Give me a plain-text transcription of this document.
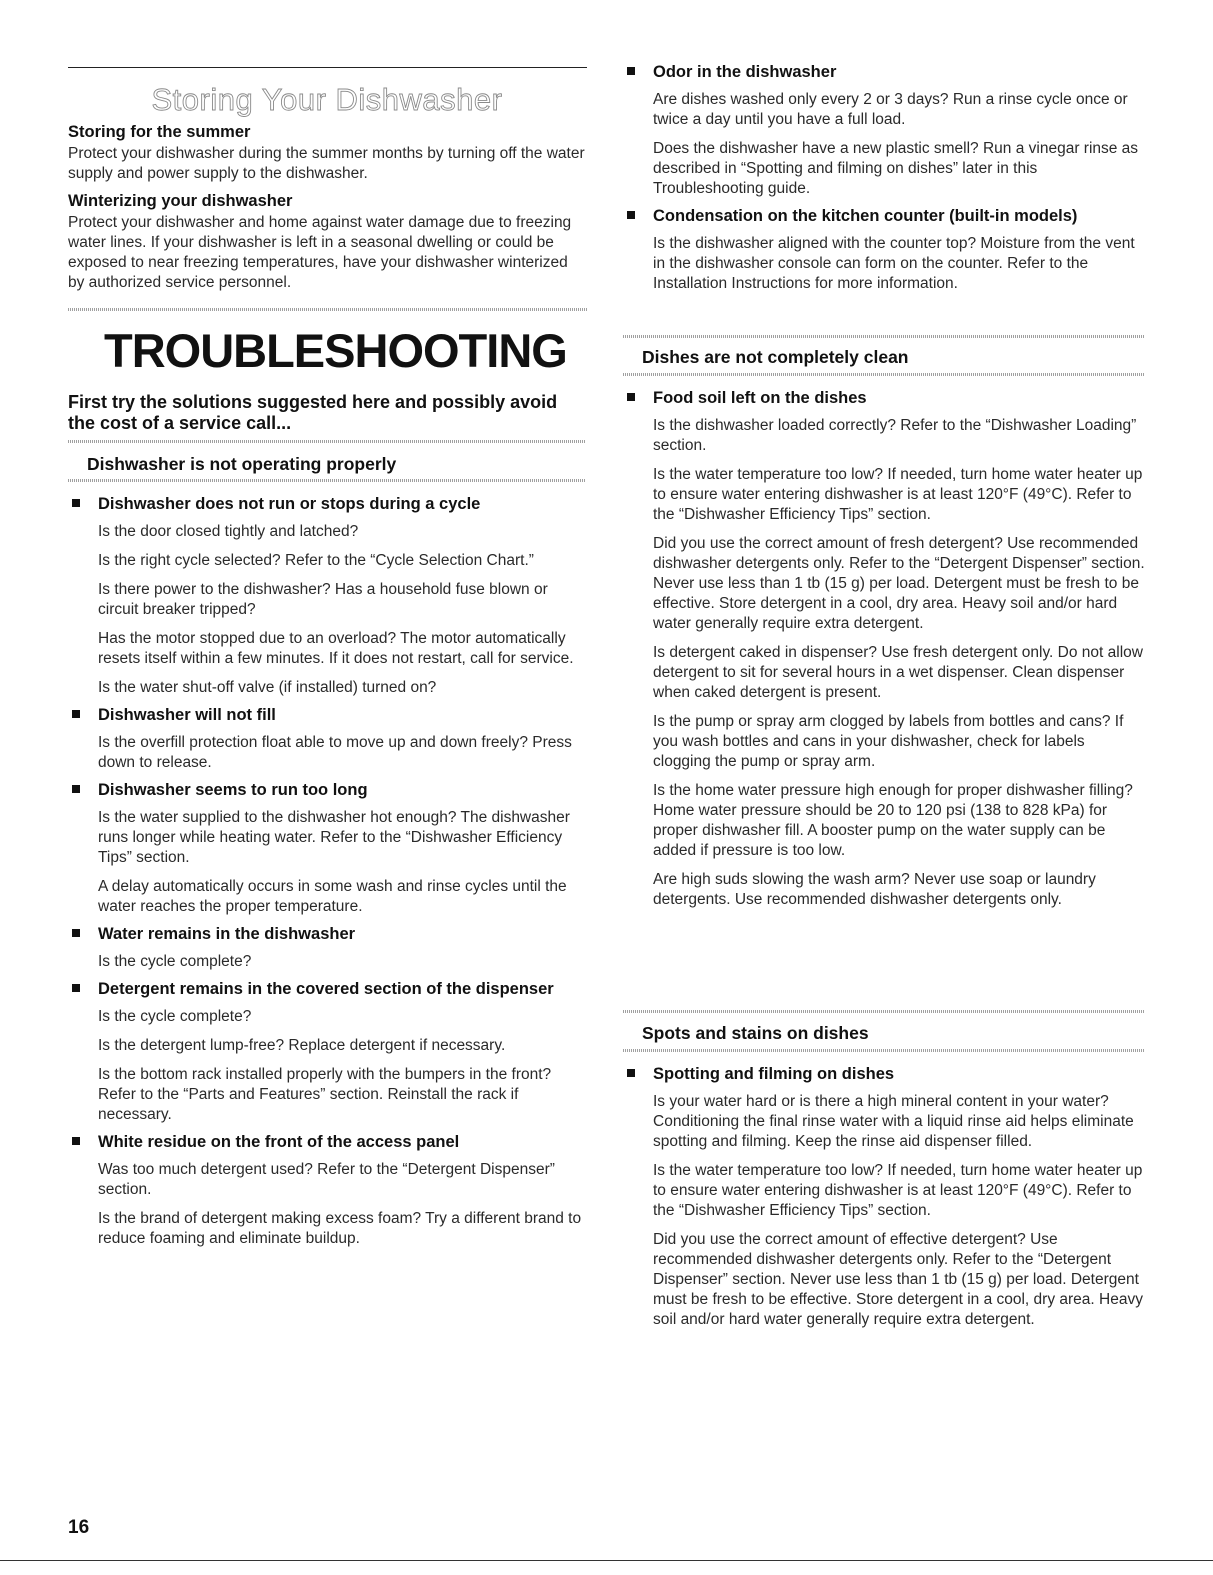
Storing Your Dishwasher

Storing for the summer

Protect your dishwasher during the summer months by turning off the water supply and power supply to the dishwasher.

Winterizing your dishwasher

Protect your dishwasher and home against water damage due to freezing water lines. If your dishwasher is left in a seasonal dwelling or could be exposed to near freezing temperatures, have your dishwasher winterized by authorized service personnel.

TROUBLESHOOTING
First try the solutions suggested here and possibly avoid the cost of a service call...
Dishwasher is not operating properly
Dishwasher does not run or stops during a cycle
Is the door closed tightly and latched?
Is the right cycle selected? Refer to the “Cycle Selection Chart.”
Is there power to the dishwasher? Has a household fuse blown or circuit breaker tripped?
Has the motor stopped due to an overload? The motor automatically resets itself within a few minutes. If it does not restart, call for service.
Is the water shut-off valve (if installed) turned on?
Dishwasher will not fill
Is the overfill protection float able to move up and down freely? Press down to release.
Dishwasher seems to run too long
Is the water supplied to the dishwasher hot enough? The dishwasher runs longer while heating water. Refer to the “Dishwasher Efficiency Tips” section.
A delay automatically occurs in some wash and rinse cycles until the water reaches the proper temperature.
Water remains in the dishwasher
Is the cycle complete?
Detergent remains in the covered section of the dispenser
Is the cycle complete?
Is the detergent lump-free? Replace detergent if necessary.
Is the bottom rack installed properly with the bumpers in the front? Refer to the “Parts and Features” section. Reinstall the rack if necessary.
White residue on the front of the access panel
Was too much detergent used? Refer to the “Detergent Dispenser” section.
Is the brand of detergent making excess foam? Try a different brand to reduce foaming and eliminate buildup.
Odor in the dishwasher
Are dishes washed only every 2 or 3 days? Run a rinse cycle once or twice a day until you have a full load.
Does the dishwasher have a new plastic smell? Run a vinegar rinse as described in “Spotting and filming on dishes” later in this Troubleshooting guide.
Condensation on the kitchen counter (built-in models)
Is the dishwasher aligned with the counter top? Moisture from the vent in the dishwasher console can form on the counter. Refer to the Installation Instructions for more information.
Dishes are not completely clean
Food soil left on the dishes
Is the dishwasher loaded correctly? Refer to the “Dishwasher Loading” section.
Is the water temperature too low? If needed, turn home water heater up to ensure water entering dishwasher is at least 120°F (49°C). Refer to the “Dishwasher Efficiency Tips” section.
Did you use the correct amount of fresh detergent? Use recommended dishwasher detergents only. Refer to the “Detergent Dispenser” section. Never use less than 1 tb (15 g) per load. Detergent must be fresh to be effective. Store detergent in a cool, dry area. Heavy soil and/or hard water generally require extra detergent.
Is detergent caked in dispenser? Use fresh detergent only. Do not allow detergent to sit for several hours in a wet dispenser. Clean dispenser when caked detergent is present.
Is the pump or spray arm clogged by labels from bottles and cans? If you wash bottles and cans in your dishwasher, check for labels clogging the pump or spray arm.
Is the home water pressure high enough for proper dishwasher filling? Home water pressure should be 20 to 120 psi (138 to 828 kPa) for proper dishwasher fill. A booster pump on the water supply can be added if pressure is too low.
Are high suds slowing the wash arm? Never use soap or laundry detergents. Use recommended dishwasher detergents only.
Spots and stains on dishes
Spotting and filming on dishes
Is your water hard or is there a high mineral content in your water? Conditioning the final rinse water with a liquid rinse aid helps eliminate spotting and filming. Keep the rinse aid dispenser filled.
Is the water temperature too low? If needed, turn home water heater up to ensure water entering dishwasher is at least 120°F (49°C). Refer to the “Dishwasher Efficiency Tips” section.
Did you use the correct amount of effective detergent? Use recommended dishwasher detergents only. Refer to the “Detergent Dispenser” section. Never use less than 1 tb (15 g) per load. Detergent must be fresh to be effective. Store detergent in a cool, dry area. Heavy soil and/or hard water generally require extra detergent.
16
